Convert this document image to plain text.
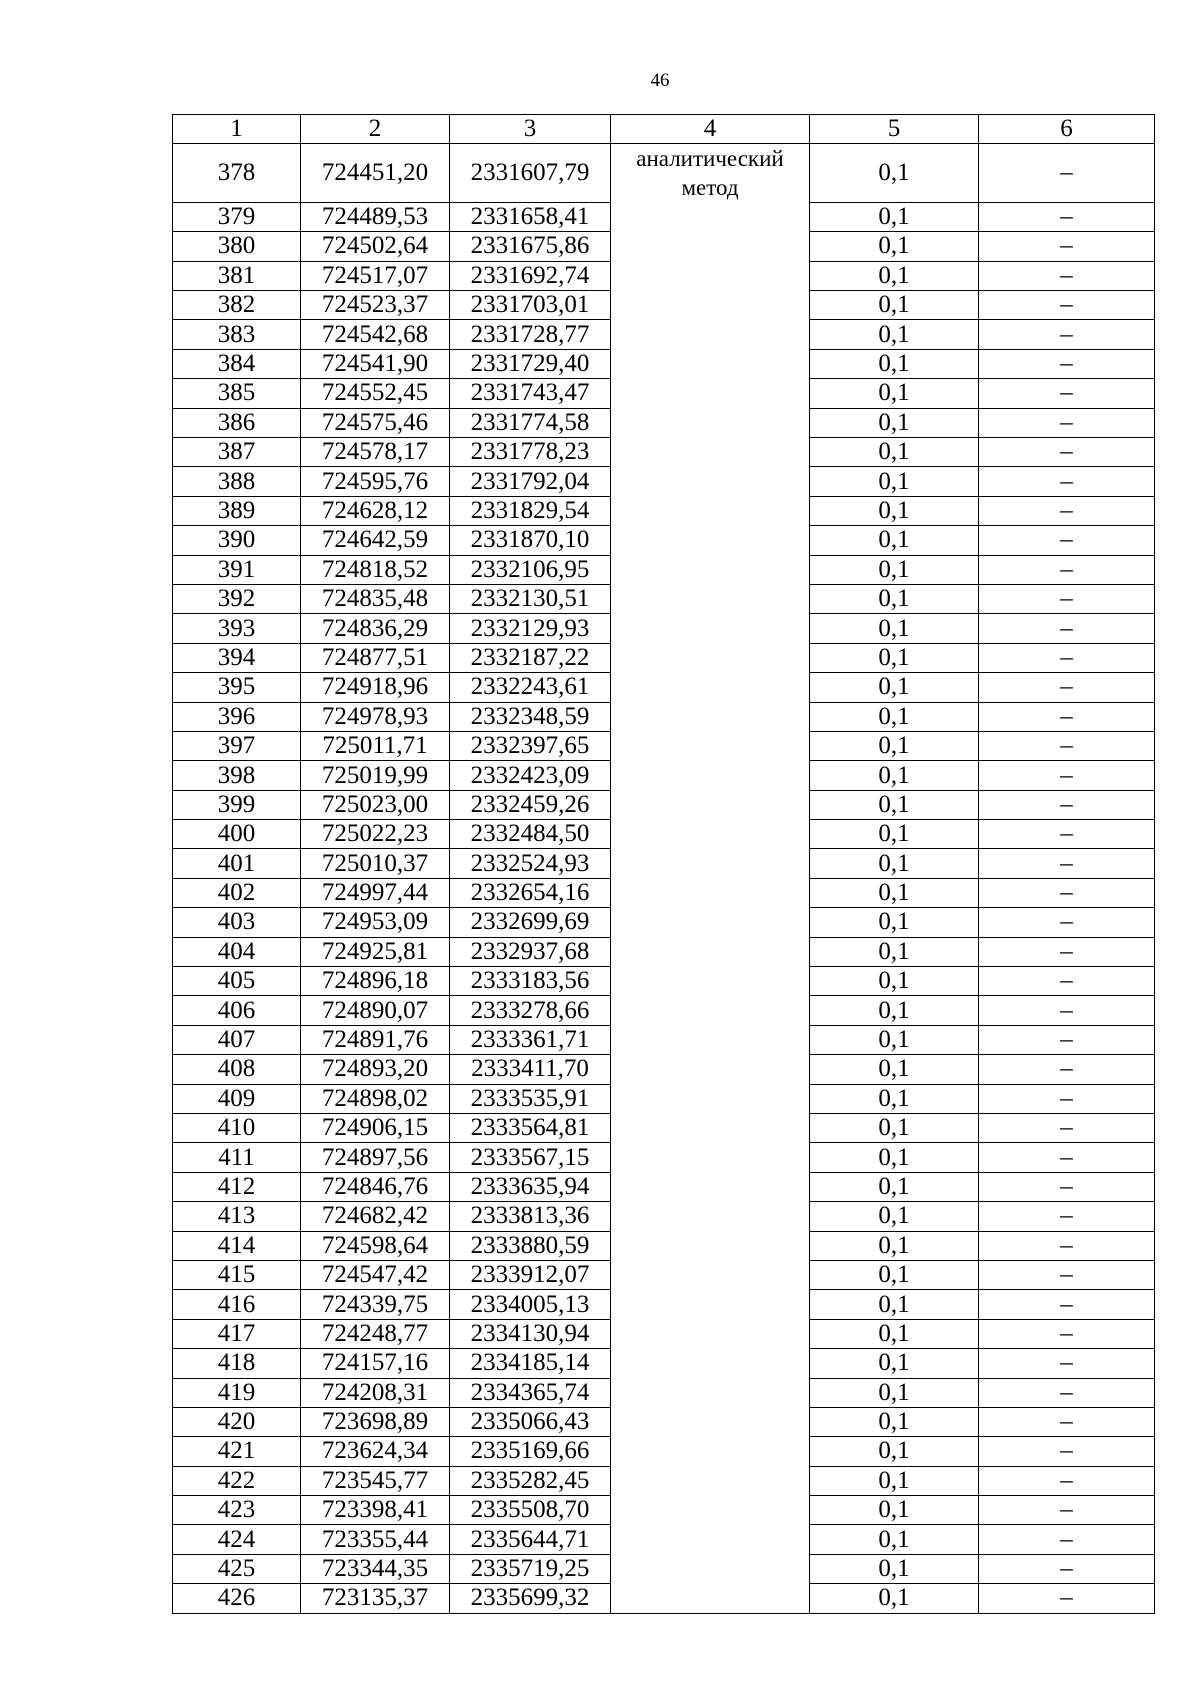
46
1	2	3	4	5	6
378	724451,20	2331607,79	аналитический метод	0,1	–
379	724489,53	2331658,41		0,1	–
380	724502,64	2331675,86		0,1	–
381	724517,07	2331692,74		0,1	–
382	724523,37	2331703,01		0,1	–
383	724542,68	2331728,77		0,1	–
384	724541,90	2331729,40		0,1	–
385	724552,45	2331743,47		0,1	–
386	724575,46	2331774,58		0,1	–
387	724578,17	2331778,23		0,1	–
388	724595,76	2331792,04		0,1	–
389	724628,12	2331829,54		0,1	–
390	724642,59	2331870,10		0,1	–
391	724818,52	2332106,95		0,1	–
392	724835,48	2332130,51		0,1	–
393	724836,29	2332129,93		0,1	–
394	724877,51	2332187,22		0,1	–
395	724918,96	2332243,61		0,1	–
396	724978,93	2332348,59		0,1	–
397	725011,71	2332397,65		0,1	–
398	725019,99	2332423,09		0,1	–
399	725023,00	2332459,26		0,1	–
400	725022,23	2332484,50		0,1	–
401	725010,37	2332524,93		0,1	–
402	724997,44	2332654,16		0,1	–
403	724953,09	2332699,69		0,1	–
404	724925,81	2332937,68		0,1	–
405	724896,18	2333183,56		0,1	–
406	724890,07	2333278,66		0,1	–
407	724891,76	2333361,71		0,1	–
408	724893,20	2333411,70		0,1	–
409	724898,02	2333535,91		0,1	–
410	724906,15	2333564,81		0,1	–
411	724897,56	2333567,15		0,1	–
412	724846,76	2333635,94		0,1	–
413	724682,42	2333813,36		0,1	–
414	724598,64	2333880,59		0,1	–
415	724547,42	2333912,07		0,1	–
416	724339,75	2334005,13		0,1	–
417	724248,77	2334130,94		0,1	–
418	724157,16	2334185,14		0,1	–
419	724208,31	2334365,74		0,1	–
420	723698,89	2335066,43		0,1	–
421	723624,34	2335169,66		0,1	–
422	723545,77	2335282,45		0,1	–
423	723398,41	2335508,70		0,1	–
424	723355,44	2335644,71		0,1	–
425	723344,35	2335719,25		0,1	–
426	723135,37	2335699,32		0,1	–
